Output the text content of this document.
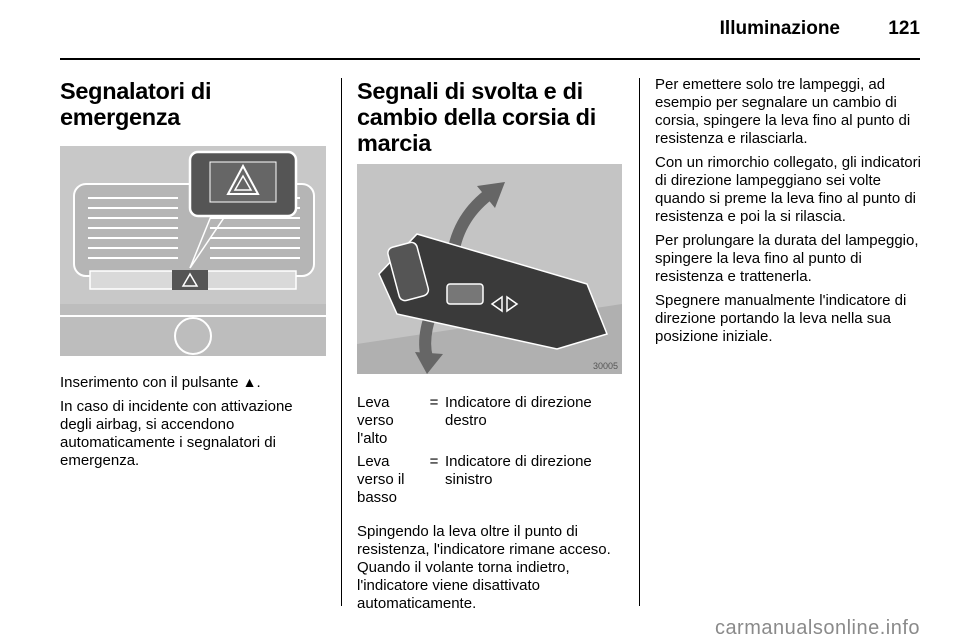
Illuminazione	121
Segnalatori di emergenza

Inserimento con il pulsante ▲.

In caso di incidente con attivazione degli airbag, si accendono automaticamente i segnalatori di emergenza.

Segnali di svolta e di cambio della corsia di marcia
30005
Leva verso l'alto
= Indicatore di direzione destro
Leva verso il basso
= Indicatore di direzione sinistro

Spingendo la leva oltre il punto di resistenza, l'indicatore rimane acceso. Quando il volante torna indietro, l'indicatore viene disattivato automaticamente.

Per emettere solo tre lampeggi, ad esempio per segnalare un cambio di corsia, spingere la leva fino al punto di resistenza e rilasciarla.

Con un rimorchio collegato, gli indicatori di direzione lampeggiano sei volte quando si preme la leva fino al punto di resistenza e poi la si rilascia.

Per prolungare la durata del lampeggio, spingere la leva fino al punto di resistenza e trattenerla.

Spegnere manualmente l'indicatore di direzione portando la leva nella sua posizione iniziale.

carmanualsonline.info
